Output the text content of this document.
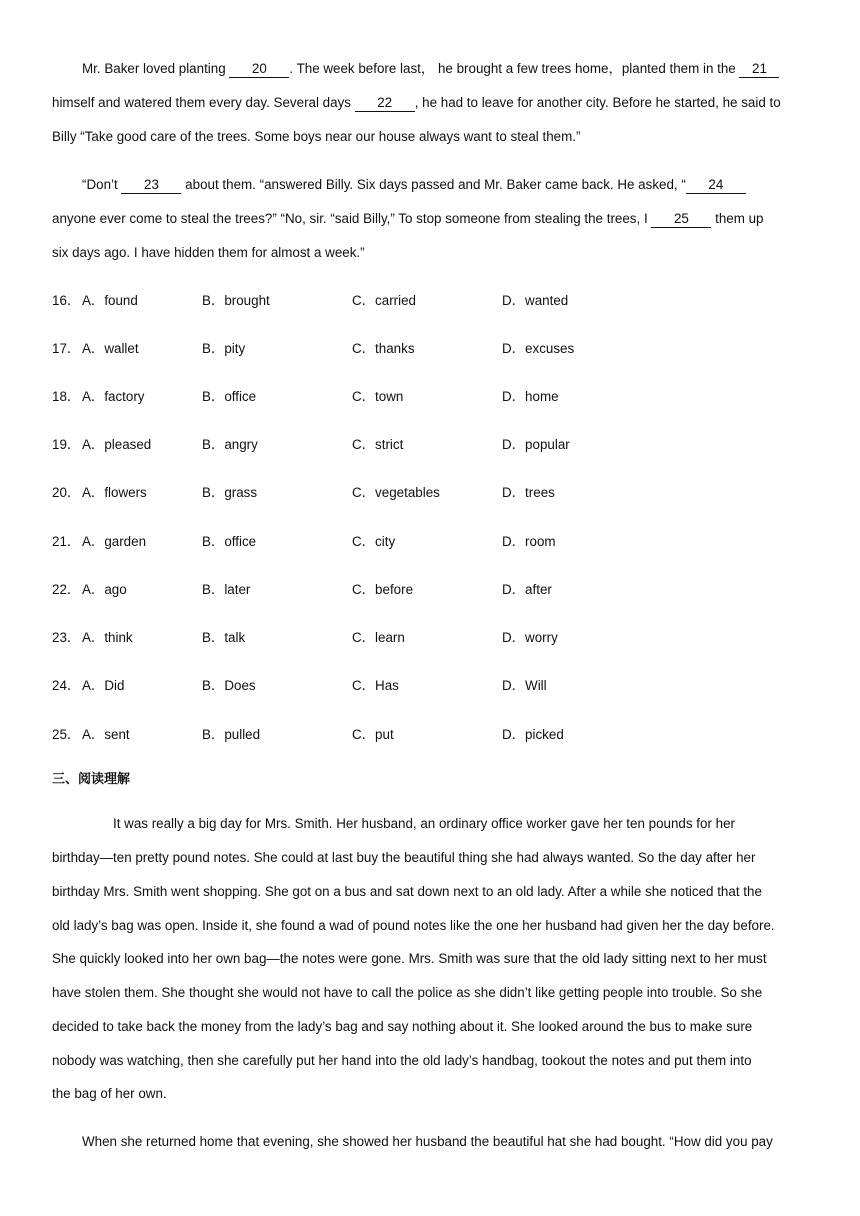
Mr. Baker loved planting 20 . The week before last， he brought a few trees home，planted them in the 21
himself and watered them every day. Several days 22 , he had to leave for another city. Before he started, he said to
Billy “Take good care of the trees. Some boys near our house always want to steal them.”
“Don’t 23 about them. “answered Billy. Six days passed and Mr. Baker came back. He asked, “ 24
anyone ever come to steal the trees?” “No, sir. “said Billy,” To stop someone from stealing the trees, I 25 them up
six days ago. I have hidden them for almost a week.”
16． A．found	B．brought	C．carried	D．wanted
17． A．wallet	B．pity	C．thanks	D．excuses
18． A．factory	B．office	C．town	D．home
19． A．pleased	B．angry	C．strict	D．popular
20． A．flowers	B．grass	C．vegetables	D．trees
21． A．garden	B．office	C．city	D．room
22． A．ago	B．later	C．before	D．after
23． A．think	B．talk	C．learn	D．worry
24． A．Did	B．Does	C．Has	D．Will
25． A．sent	B．pulled	C．put	D．picked
三、阅读理解
It was really a big day for Mrs. Smith. Her husband, an ordinary office worker gave her ten pounds for her
birthday—ten pretty pound notes. She could at last buy the beautiful thing she had always wanted. So the day after her
birthday Mrs. Smith went shopping. She got on a bus and sat down next to an old lady. After a while she noticed that the
old lady’s bag was open. Inside it, she found a wad of pound notes like the one her husband had given her the day before.
She quickly looked into her own bag—the notes were gone. Mrs. Smith was sure that the old lady sitting next to her must
have stolen them. She thought she would not have to call the police as she didn’t like getting people into trouble. So she
decided to take back the money from the lady’s bag and say nothing about it. She looked around the bus to make sure
nobody was watching, then she carefully put her hand into the old lady’s handbag, tookout the notes and put them into
the bag of her own.
When she returned home that evening, she showed her husband the beautiful hat she had bought. “How did you pay
